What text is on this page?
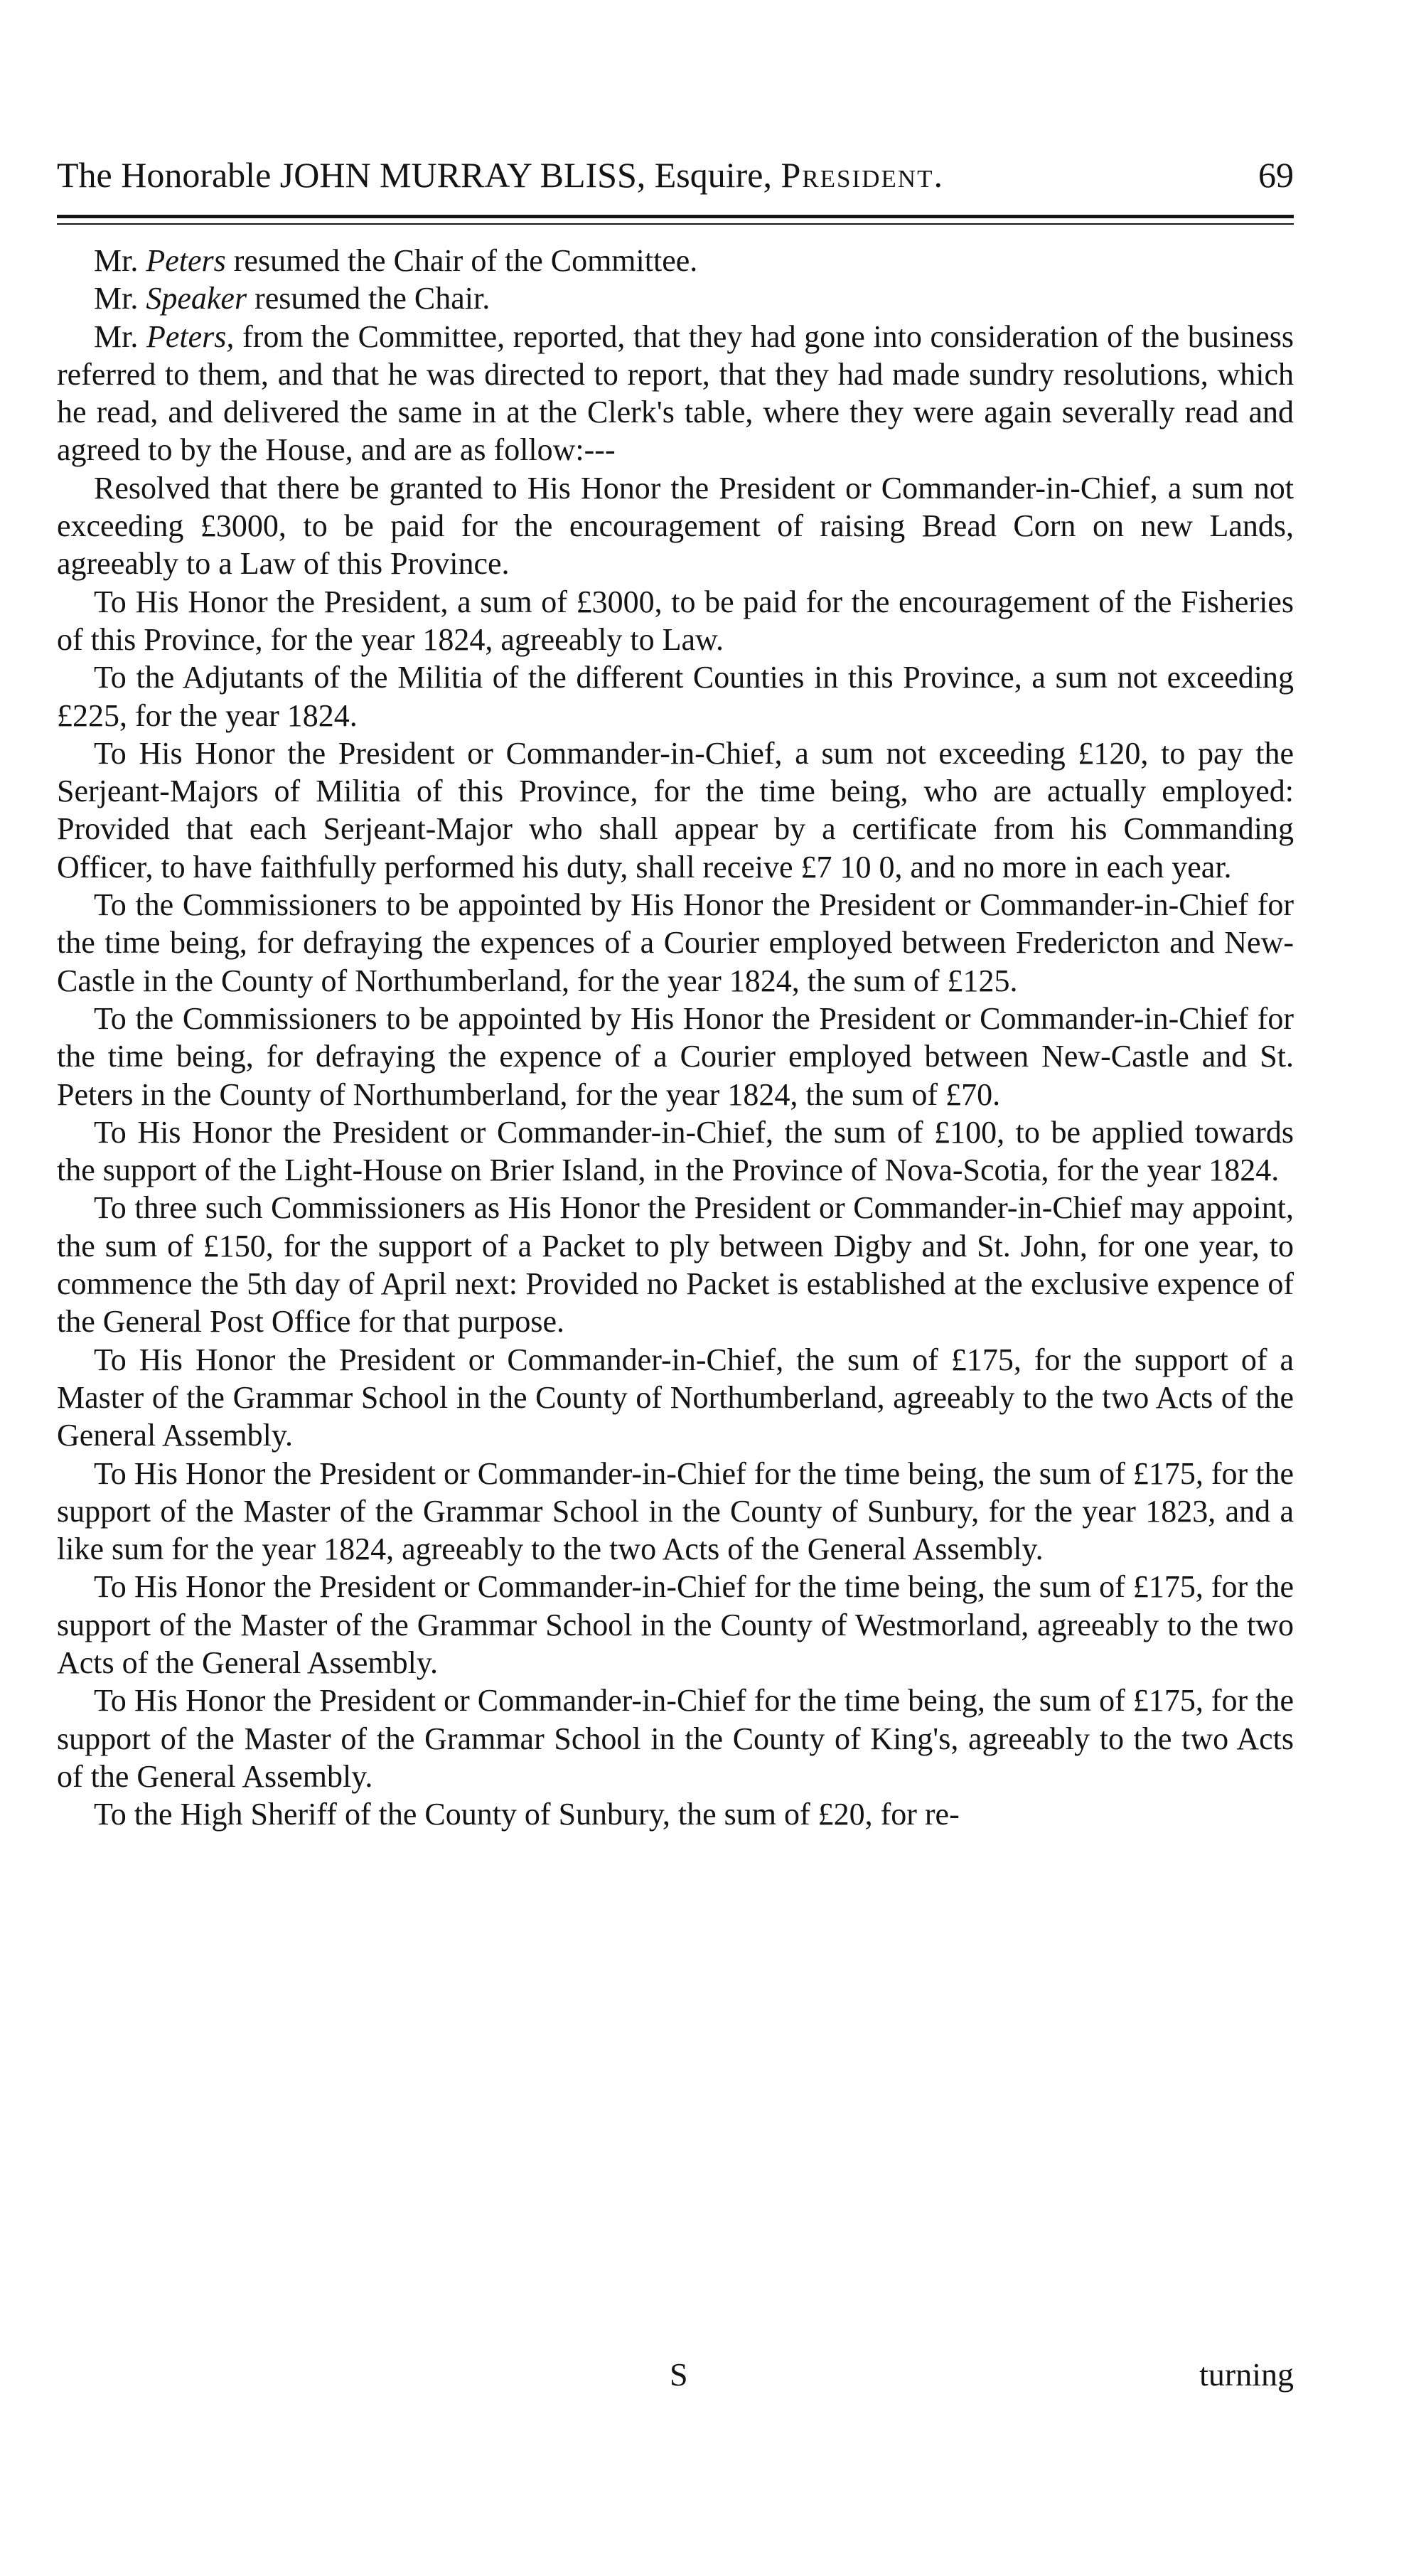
The Honorable JOHN MURRAY BLISS, Esquire, President.	69

Mr. Peters resumed the Chair of the Committee.

Mr. Speaker resumed the Chair.

Mr. Peters, from the Committee, reported, that they had gone into consideration of the business referred to them, and that he was directed to report, that they had made sundry resolutions, which he read, and delivered the same in at the Clerk's table, where they were again severally read and agreed to by the House, and are as follow:---

Resolved that there be granted to His Honor the President or Commander-in-Chief, a sum not exceeding £3000, to be paid for the encouragement of raising Bread Corn on new Lands, agreeably to a Law of this Province.

To His Honor the President, a sum of £3000, to be paid for the encouragement of the Fisheries of this Province, for the year 1824, agreeably to Law.

To the Adjutants of the Militia of the different Counties in this Province, a sum not exceeding £225, for the year 1824.

To His Honor the President or Commander-in-Chief, a sum not exceeding £120, to pay the Serjeant-Majors of Militia of this Province, for the time being, who are actually employed: Provided that each Serjeant-Major who shall appear by a certificate from his Commanding Officer, to have faithfully performed his duty, shall receive £7 10 0, and no more in each year.

To the Commissioners to be appointed by His Honor the President or Commander-in-Chief for the time being, for defraying the expences of a Courier employed between Fredericton and New-Castle in the County of Northumberland, for the year 1824, the sum of £125.

To the Commissioners to be appointed by His Honor the President or Commander-in-Chief for the time being, for defraying the expence of a Courier employed between New-Castle and St. Peters in the County of Northumberland, for the year 1824, the sum of £70.

To His Honor the President or Commander-in-Chief, the sum of £100, to be applied towards the support of the Light-House on Brier Island, in the Province of Nova-Scotia, for the year 1824.

To three such Commissioners as His Honor the President or Commander-in-Chief may appoint, the sum of £150, for the support of a Packet to ply between Digby and St. John, for one year, to commence the 5th day of April next: Provided no Packet is established at the exclusive expence of the General Post Office for that purpose.

To His Honor the President or Commander-in-Chief, the sum of £175, for the support of a Master of the Grammar School in the County of Northumberland, agreeably to the two Acts of the General Assembly.

To His Honor the President or Commander-in-Chief for the time being, the sum of £175, for the support of the Master of the Grammar School in the County of Sunbury, for the year 1823, and a like sum for the year 1824, agreeably to the two Acts of the General Assembly.

To His Honor the President or Commander-in-Chief for the time being, the sum of £175, for the support of the Master of the Grammar School in the County of Westmorland, agreeably to the two Acts of the General Assembly.

To His Honor the President or Commander-in-Chief for the time being, the sum of £175, for the support of the Master of the Grammar School in the County of King's, agreeably to the two Acts of the General Assembly.

To the High Sheriff of the County of Sunbury, the sum of £20, for re-

S	turning
